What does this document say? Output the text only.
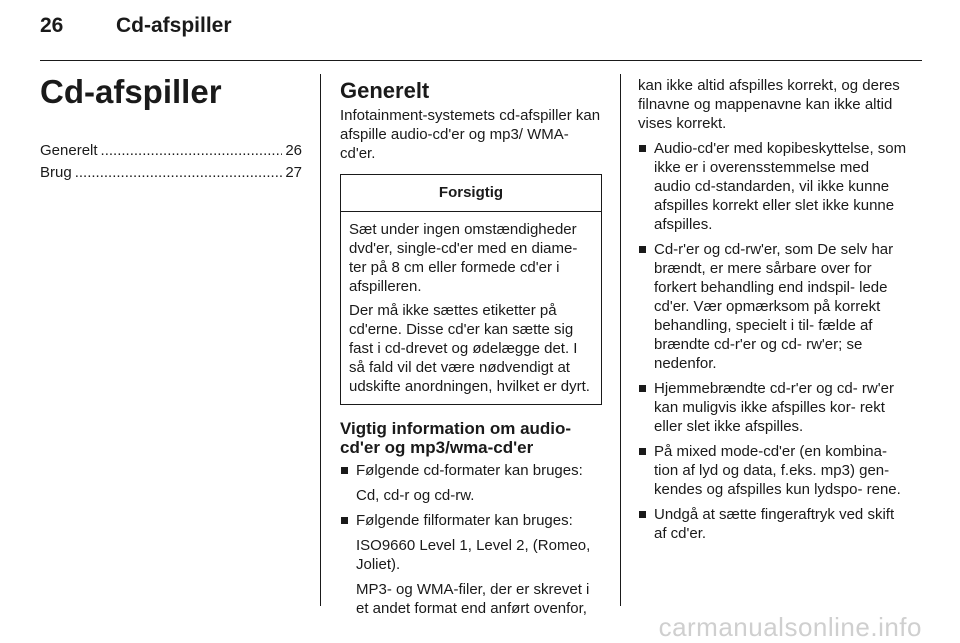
26	Cd-afspiller
Cd-afspiller
Generelt .....	26
Brug .....	27
Generelt

Infotainment-systemets cd-afspiller kan afspille audio-cd'er og mp3/ WMA-cd'er.

Forsigtig

Sæt under ingen omstændigheder dvd'er, single-cd'er med en diame- ter på 8 cm eller formede cd'er i afspilleren.

Der må ikke sættes etiketter på cd'erne. Disse cd'er kan sætte sig fast i cd-drevet og ødelægge det. I så fald vil det være nødvendigt at udskifte anordningen, hvilket er dyrt.

Vigtig information om audio- cd'er og mp3/wma-cd'er
Følgende cd-formater kan bruges:
Cd, cd-r og cd-rw.
Følgende filformater kan bruges:
ISO9660 Level 1, Level 2, (Romeo, Joliet).
MP3- og WMA-filer, der er skrevet i et andet format end anført ovenfor,

kan ikke altid afspilles korrekt, og deres filnavne og mappenavne kan ikke altid vises korrekt.

Audio-cd'er med kopibeskyttelse, som ikke er i overensstemmelse med audio cd-standarden, vil ikke kunne afspilles korrekt eller slet ikke kunne afspilles.
Cd-r'er og cd-rw'er, som De selv har brændt, er mere sårbare over for forkert behandling end indspil- lede cd'er. Vær opmærksom på korrekt behandling, specielt i til- fælde af brændte cd-r'er og cd- rw'er; se nedenfor.
Hjemmebrændte cd-r'er og cd- rw'er kan muligvis ikke afspilles kor- rekt eller slet ikke afspilles.
På mixed mode-cd'er (en kombina- tion af lyd og data, f.eks. mp3) gen- kendes og afspilles kun lydspo- rene.
Undgå at sætte fingeraftryk ved skift af cd'er.
carmanualsonline.info
